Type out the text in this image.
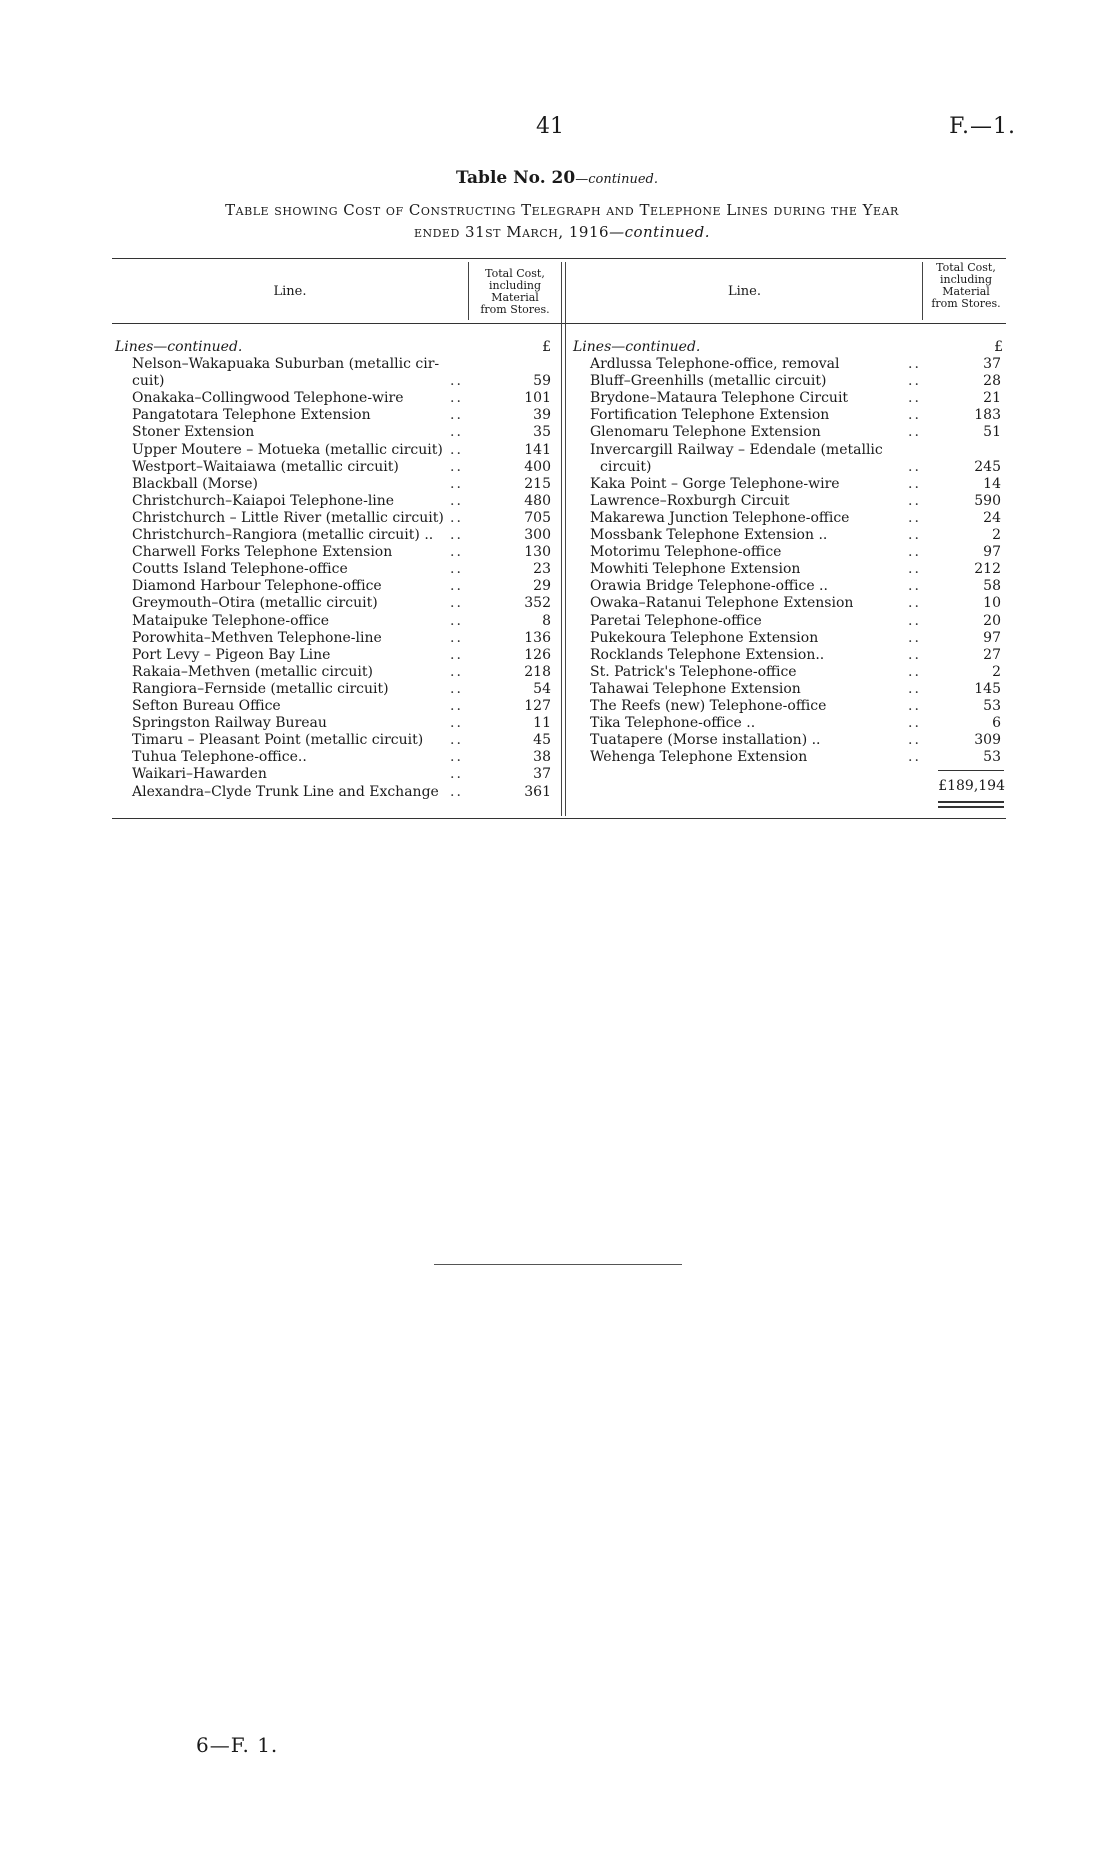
41	F.—1.
Table No. 20—continued.
Table showing Cost of Constructing Telegraph and Telephone Lines during the Year
ended 31st March, 1916—continued.
Line.
Total Cost,
including
Material
from Stores.
Line.
Total Cost,
including
Material
from Stores.
Lines—continued.	£
Nelson–Wakapuaka Suburban (metallic cir-
cuit)	..	59
Onakaka–Collingwood Telephone-wire	..	101
Pangatotara Telephone Extension	..	39
Stoner Extension	..	35
Upper Moutere – Motueka (metallic circuit) ..	141
Westport–Waitaiawa (metallic circuit)	..	400
Blackball (Morse)	..	215
Christchurch–Kaiapoi Telephone-line	..	480
Christchurch – Little River (metallic circuit) ..	705
Christchurch–Rangiora (metallic circuit) .. ..	300
Charwell Forks Telephone Extension	..	130
Coutts Island Telephone-office	..	23
Diamond Harbour Telephone-office	..	29
Greymouth–Otira (metallic circuit)	..	352
Mataipuke Telephone-office	..	8
Porowhita–Methven Telephone-line	..	136
Port Levy – Pigeon Bay Line	..	126
Rakaia–Methven (metallic circuit)	..	218
Rangiora–Fernside (metallic circuit)	..	54
Sefton Bureau Office	..	127
Springston Railway Bureau	..	11
Timaru – Pleasant Point (metallic circuit) ..	45
Tuhua Telephone-office..	..	38
Waikari–Hawarden	..	37
Alexandra–Clyde Trunk Line and Exchange ..	361
Lines—continued.	£
Ardlussa Telephone-office, removal	..	37
Bluff–Greenhills (metallic circuit)	..	28
Brydone–Mataura Telephone Circuit	..	21
Fortification Telephone Extension	..	183
Glenomaru Telephone Extension	..	51
Invercargill Railway – Edendale (metallic
circuit)	..	245
Kaka Point – Gorge Telephone-wire	..	14
Lawrence–Roxburgh Circuit	..	590
Makarewa Junction Telephone-office	..	24
Mossbank Telephone Extension ..	..	2
Motorimu Telephone-office	..	97
Mowhiti Telephone Extension	..	212
Orawia Bridge Telephone-office ..	..	58
Owaka–Ratanui Telephone Extension	..	10
Paretai Telephone-office	..	20
Pukekoura Telephone Extension	..	97
Rocklands Telephone Extension..	..	27
St. Patrick's Telephone-office	..	2
Tahawai Telephone Extension	..	145
The Reefs (new) Telephone-office	..	53
Tika Telephone-office ..	..	6
Tuatapere (Morse installation) ..	..	309
Wehenga Telephone Extension	..	53
£189,194
6—F. 1.
